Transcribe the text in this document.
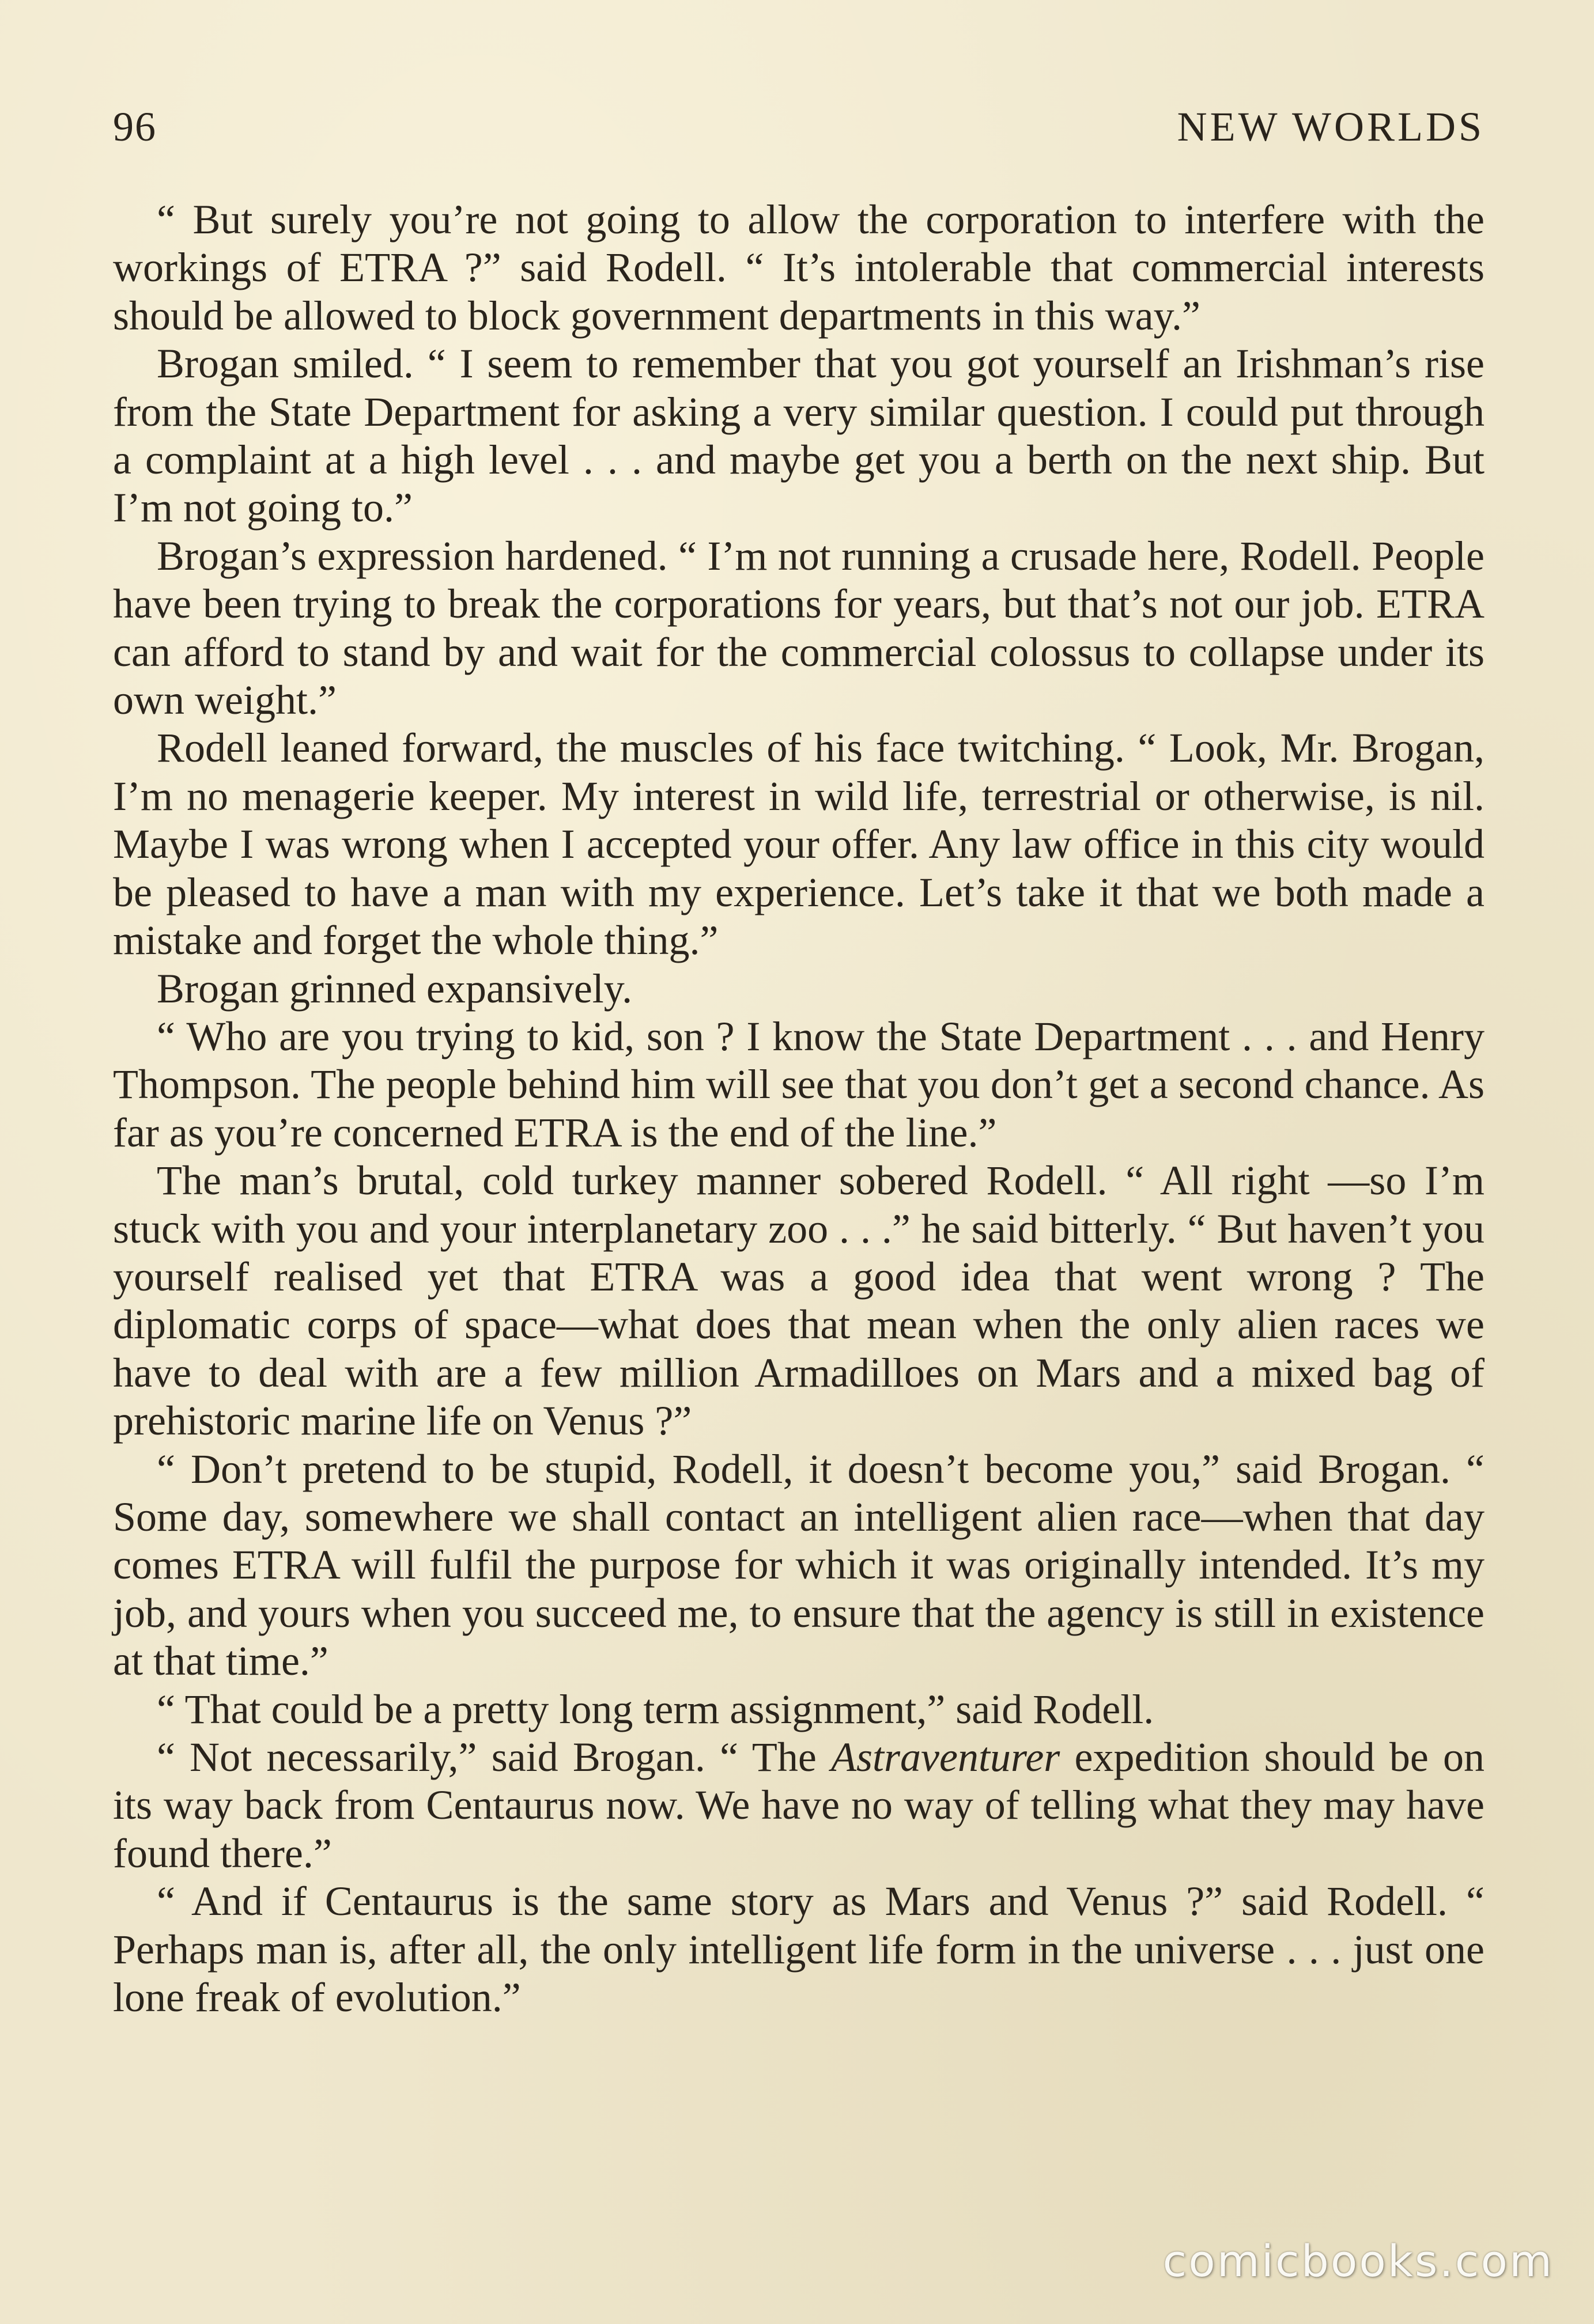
96	NEW WORLDS

“ But surely you’re not going to allow the corporation to interfere with the workings of ETRA ?” said Rodell. “ It’s intolerable that commercial interests should be allowed to block government departments in this way.”

Brogan smiled. “ I seem to remember that you got yourself an Irishman’s rise from the State Department for asking a very similar question. I could put through a complaint at a high level . . . and maybe get you a berth on the next ship. But I’m not going to.”

Brogan’s expression hardened. “ I’m not running a crusade here, Rodell. People have been trying to break the corporations for years, but that’s not our job. ETRA can afford to stand by and wait for the commercial colossus to collapse under its own weight.”

Rodell leaned forward, the muscles of his face twitching. “ Look, Mr. Brogan, I’m no menagerie keeper. My interest in wild life, terrestrial or otherwise, is nil. Maybe I was wrong when I accepted your offer. Any law office in this city would be pleased to have a man with my experience. Let’s take it that we both made a mistake and forget the whole thing.”

Brogan grinned expansively.

“ Who are you trying to kid, son ? I know the State Department . . . and Henry Thompson. The people behind him will see that you don’t get a second chance. As far as you’re concerned ETRA is the end of the line.”

The man’s brutal, cold turkey manner sobered Rodell. “ All right —so I’m stuck with you and your interplanetary zoo . . .” he said bitterly. “ But haven’t you yourself realised yet that ETRA was a good idea that went wrong ? The diplomatic corps of space—what does that mean when the only alien races we have to deal with are a few million Armadilloes on Mars and a mixed bag of prehistoric marine life on Venus ?”

“ Don’t pretend to be stupid, Rodell, it doesn’t become you,” said Brogan. “ Some day, somewhere we shall contact an intelligent alien race—when that day comes ETRA will fulfil the purpose for which it was originally intended. It’s my job, and yours when you succeed me, to ensure that the agency is still in existence at that time.”

“ That could be a pretty long term assignment,” said Rodell.

“ Not necessarily,” said Brogan. “ The Astraventurer expedition should be on its way back from Centaurus now. We have no way of telling what they may have found there.”

“ And if Centaurus is the same story as Mars and Venus ?” said Rodell. “ Perhaps man is, after all, the only intelligent life form in the universe . . . just one lone freak of evolution.”

comicbooks.com
